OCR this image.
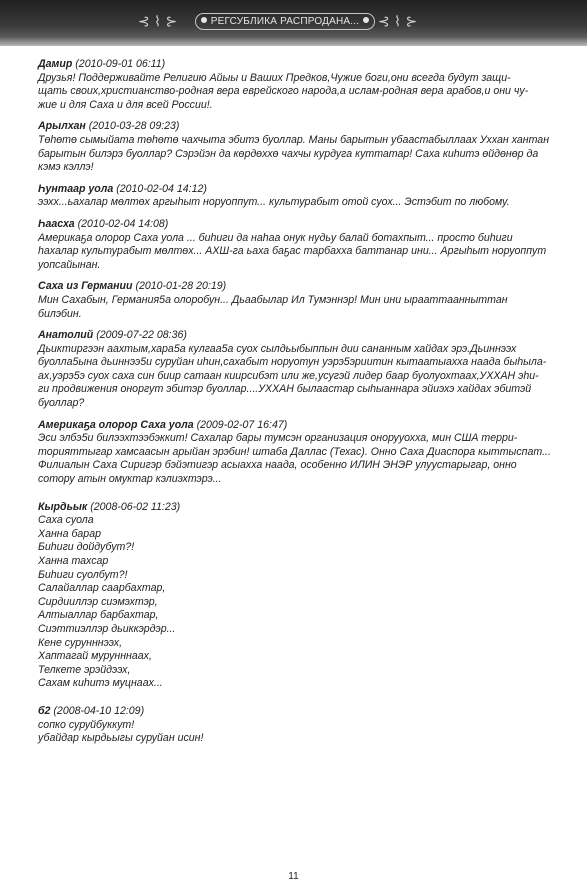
⊰ ⌇ ⊱	РЕГСУБЛИКА РАСПРОДАНА...	⊰ ⌇ ⊱
Дамир (2010-09-01 06:11)
Друзья! Поддерживайте Религию Айыы и Ваших Предков,Чужие боги,они всегда будут защи-
щать своих,христианство-родная вера еврейского народа,а ислам-родная вера арабов,и они чу-
жие и для Саха и для всей России!.
Арылхан (2010-03-28 09:23)
Төһөтө сымыйата төһөтө чахчыта эбитэ буоллар. Маны барытын убаастабыллаах Уххан хантан
барытын билэрэ буоллар? Сэрэйэн да көрдөххө чахчы курдуга куттатар! Саха киһитэ өйдөнөр да
кэмэ кэллэ!
Һунтаар уола (2010-02-04 14:12)
ээхх...ьахалар мөлтөх аргыһыт норуоппут... культурабыт отой суох... Эстэбит по любому.
Һаасха (2010-02-04 14:08)
Америкаҕа олорор Саха уола ... биһиги да наһаа онук нудьу балай ботахпыт... просто биһиги
һахалар культурабыт мөлтөх... АХШ-га ьаха баҕас тарбахха баттанар ини... Аргыһыт норуоппут
уопсайынан.
Саха из Германии (2010-01-28 20:19)
Мин Сахабын, Германия5а олоробун... Дьаабылар Ил Тумэннэр! Мин ини ырааттаанныттан
билэбин.
Анатолий (2009-07-22 08:36)
Дьиктиргээн аахтым,хара5а кулгаа5а суох сылдьыбыппын дии сананным хайдах эрэ.Дьиннээх
буолла5ына дьиннээ5и суруйан иһин,сахабыт норуотун уэрэ5эриитин кытаатыахха наада быһыла-
ах,уэрэ5э суох саха син биир сатаан киирсибэт или же,усугэй лидер баар буолуохтаах,УХХАН эһи-
ги продвижения оноргут эбитэр буоллар....УХХАН былаастар сыһыаннара эйиэхэ хайдах эбитэй
буоллар?
Америкаҕа олорор Саха уола (2009-02-07 16:47)
Эси элбэ5и билээхтээбэккит! Сахалар бары тумсэн организация онорууохха, мин США терри-
торияттыгар хамсаасын арыйан эрэбин! штаба Даллас (Техас). Онно Саха Диаспора кыттыспат...
Филиалын Саха Сиригэр бэйэтигэр асыахха наада, особенно ИЛИН ЭНЭР улуустарыгар, онно
сотору атын омуктар кэлиэхтэрэ...
Кырдьык (2008-06-02 11:23)
Саха суола
Ханна барар
Биһиги дойдубут?!
Ханна тахсар
Биһиги суолбут?!
Салайаллар саарбахтар,
Сирдииллэр сиэмэхтэр,
Алтыаллар барбахтар,
Сиэттиэллэр дьиккэрдэр...
Кене сурунннээх,
Хаптагай мурунннаах,
Телкете эрэйдээх,
Сахам киһитэ муцнаах...
б2 (2008-04-10 12:09)
сопко суруйбуккут!
убайдар кырдьыгы суруйан исин!
11
